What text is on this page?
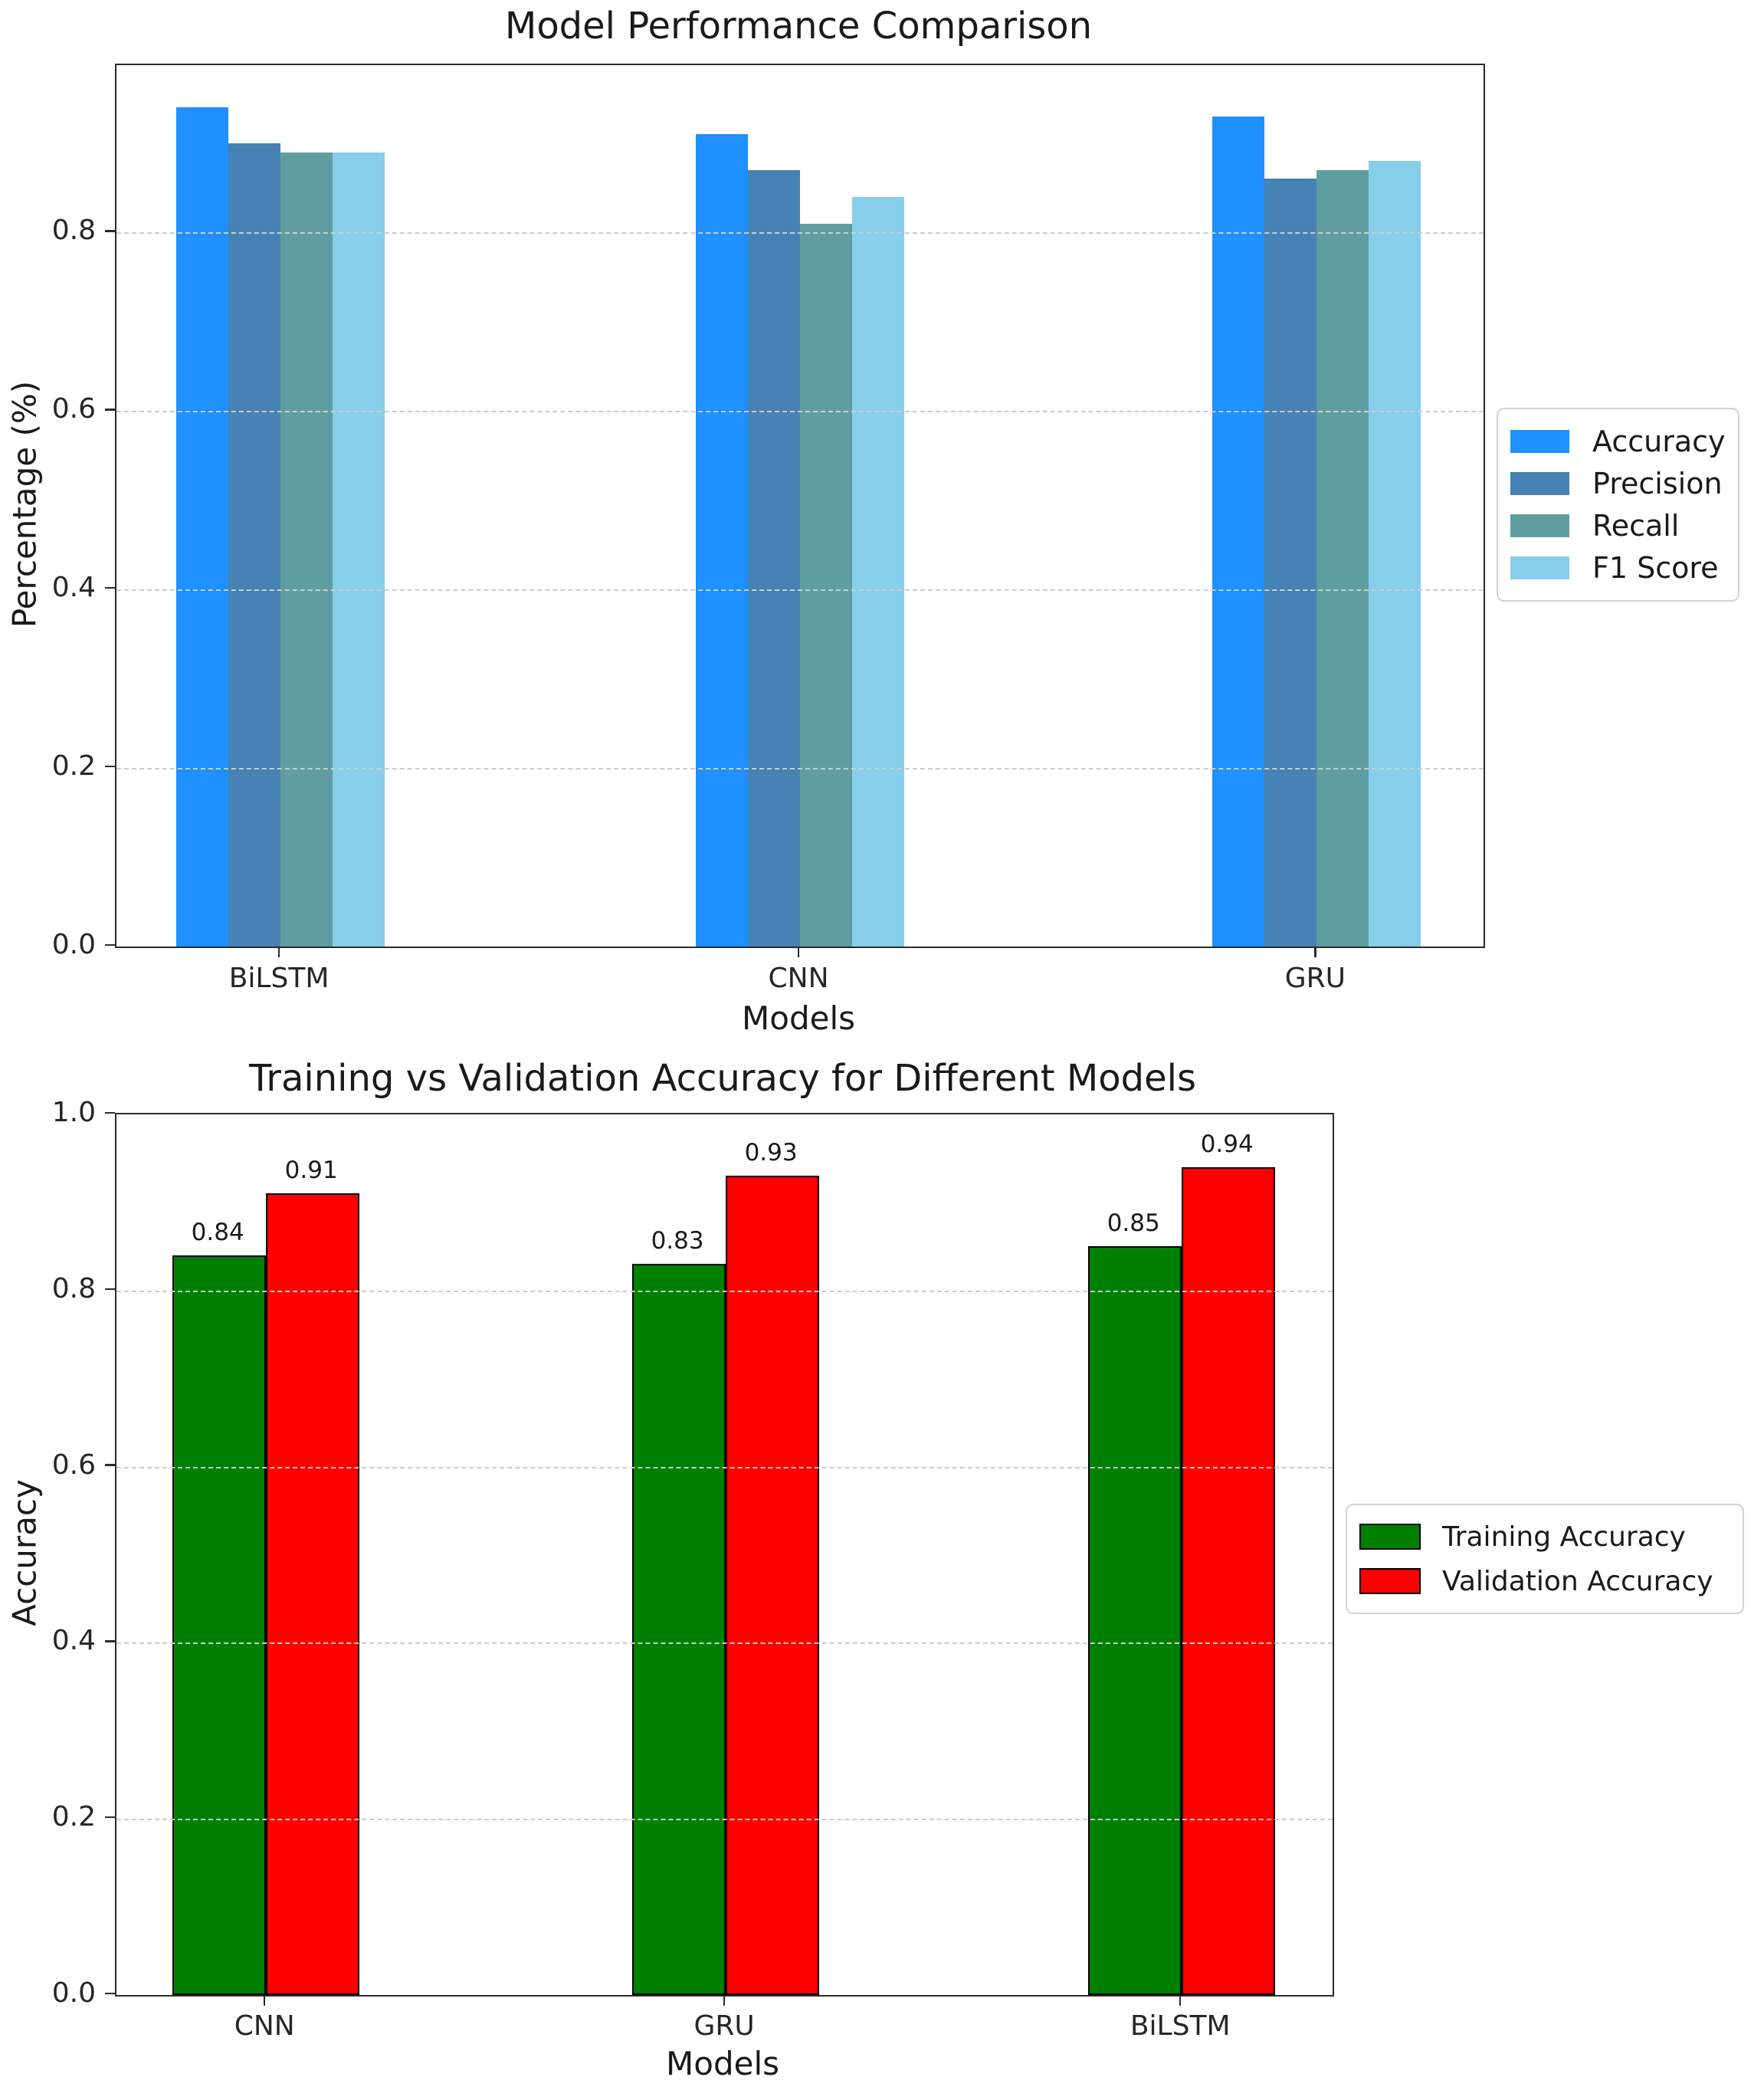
Model Performance Comparison
Percentage (%)
Models
Accuracy
Precision
Recall
F1 Score
0.0
0.2
0.4
0.6
0.8
BiLSTM	CNN	GRU
Training vs Validation Accuracy for Different Models
Accuracy
Models
Training Accuracy
Validation Accuracy
0.84	0.83
0.85
0.91
0.93	0.94
0.0
0.2
0.4
0.6
0.8
1.0
CNN	GRU	BiLSTM
